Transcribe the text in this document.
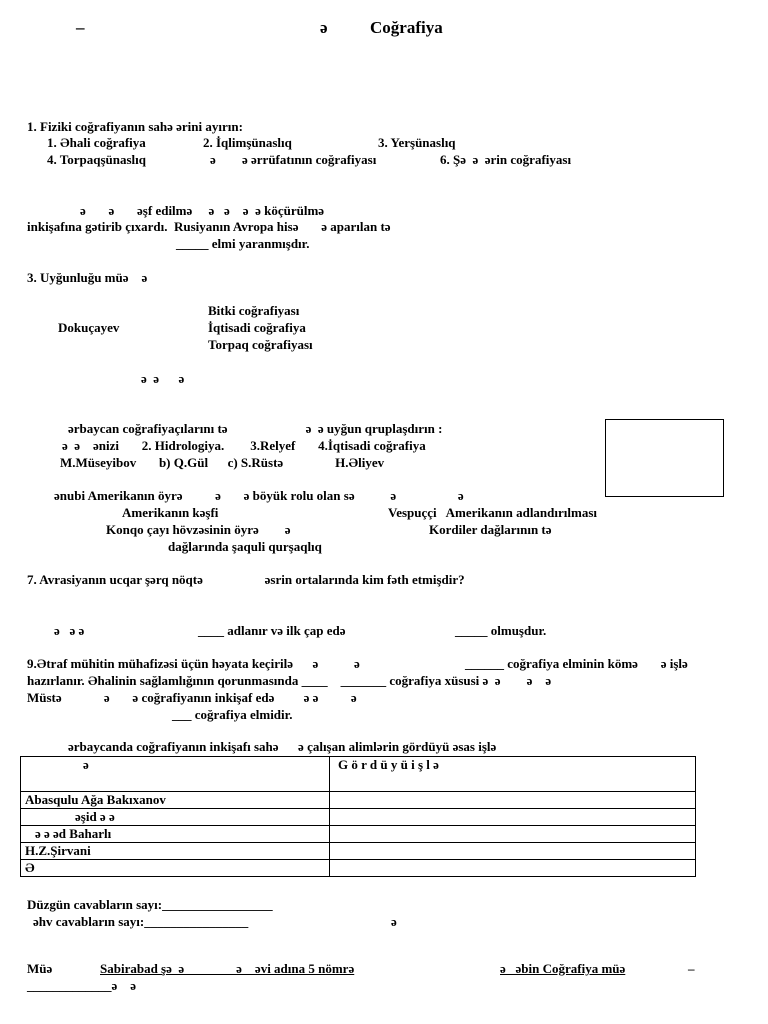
–	ə Coğrafiya
1. Fiziki coğrafiyanın sahə ərini ayırın:
1. Əhali coğrafiya	2. İqlimşünaslıq	3. Yerşünaslıq
4. Torpaqşünaslıq	ə ə ərrüfatının coğrafiyası	6. Şə  ə  ərin coğrafiyası
ə       ə       əşf edilmə     ə   ə    ə  ə köçürülmə
inkişafına gətirib çıxardı.  Rusiyanın Avropa hisə       ə aparılan tə
_____ elmi yaranmışdır.
3. Uyğunluğu müə    ə
Bitki coğrafiyası
Dokuçayev	İqtisadi coğrafiya
Torpaq coğrafiyası
ə  ə      ə
ərbaycan coğrafiyaçılarını tə                        ə  ə uyğun qruplaşdırın :
ə  ə    ənizi       2. Hidrologiya.        3.Relyef       4.İqtisadi coğrafiya
M.Müseyibov       b) Q.Gül      c) S.Rüstə                H.Əliyev
ənubi Amerikanın öyrə          ə       ə böyük rolu olan sə           ə                   ə
Amerikanın kəşfi	Vespuççi   Amerikanın adlandırılması
Konqo çayı hövzəsinin öyrə        ə	Kordiler dağlarının tə
dağlarında şaquli qurşaqlıq
7. Avrasiyanın ucqar şərq nöqtə                   əsrin ortalarında kim fəth etmişdir?
ə   ə ə	____ adlanır və ilk çap edə	_____ olmuşdur.
9.Ətraf mühitin mühafizəsi üçün həyata keçirilə      ə           ə	______ coğrafiya elminin kömə       ə işlə
hazırlanır. Əhalinin sağlamlığının qorunmasında ____    _______ coğrafiya xüsusi ə  ə        ə    ə
Müstə             ə       ə coğrafiyanın inkişaf edə         ə ə          ə
___ coğrafiya elmidir.
ərbaycanda coğrafiyanın inkişafı sahə      ə çalışan alimlərin gördüyü əsas işlə
ə	G ö r d ü y ü i ş l ə
Abasqulu Ağa Bakıxanov	
əşid ə ə	
ə ə əd Baharlı	
H.Z.Şirvani	
Ə	
Düzgün cavabların sayı:_________________
əhv cavabların sayı:________________	ə
Müə	Sabirabad şə  ə                ə    əvi adına 5 nömrə	ə   əbin Coğrafiya müə	–
_____________ə    ə
